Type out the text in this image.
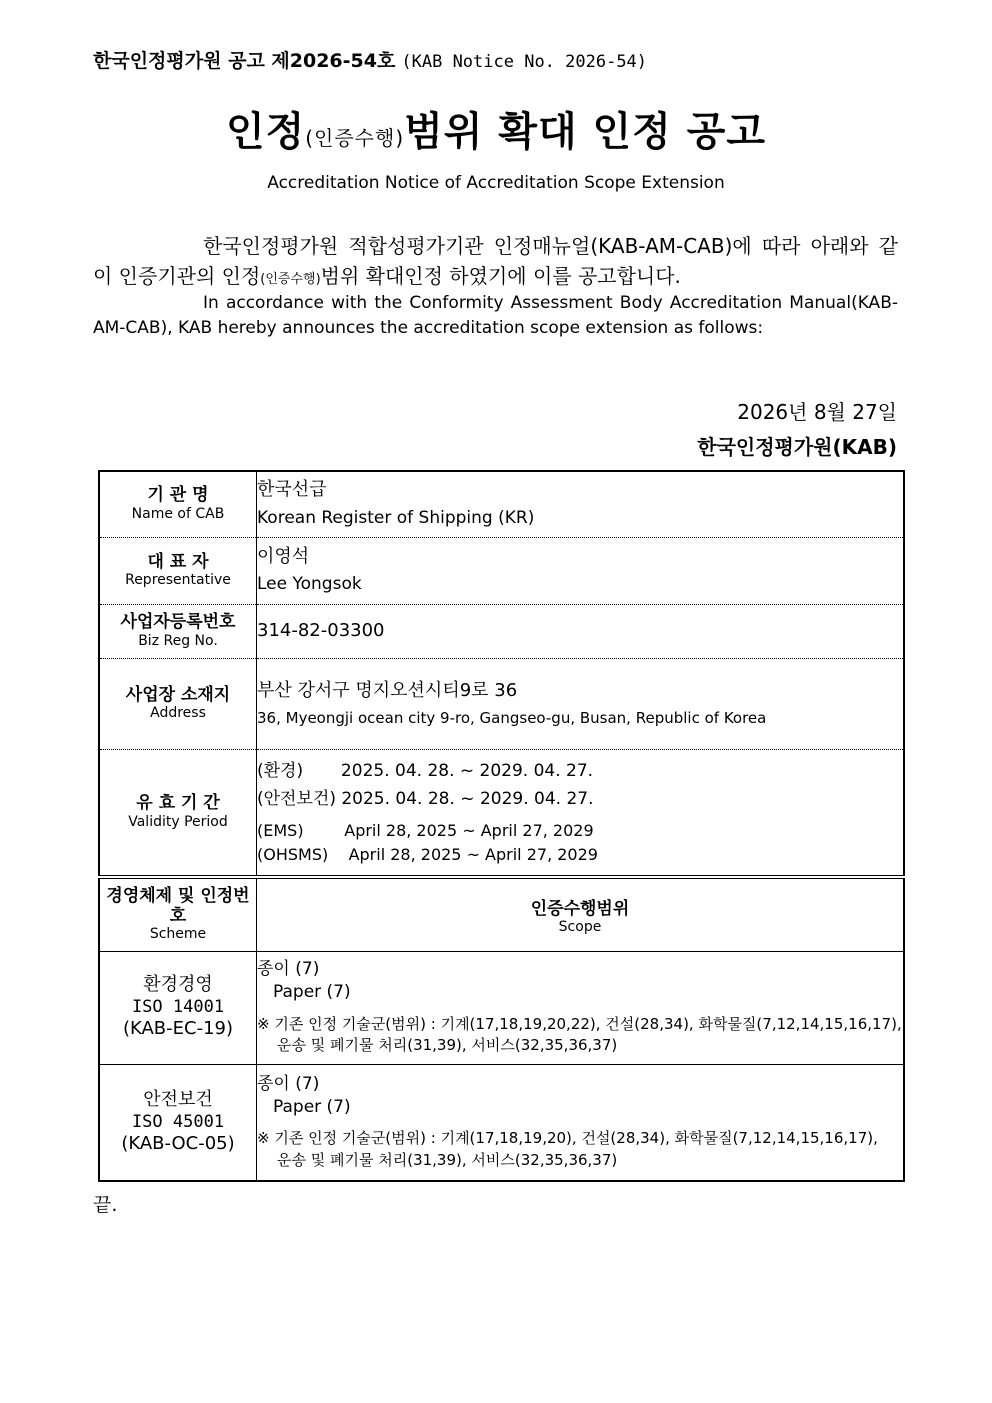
한국인정평가원 공고 제2026-54호 (KAB Notice No. 2026-54)
인정(인증수행)범위 확대 인정 공고
Accreditation Notice of Accreditation Scope Extension
한국인정평가원 적합성평가기관 인정매뉴얼(KAB-AM-CAB)에 따라 아래와 같이 인증기관의 인정(인증수행)범위 확대인정 하였기에 이를 공고합니다.
In accordance with the Conformity Assessment Body Accreditation Manual(KAB-AM-CAB), KAB hereby announces the accreditation scope extension as follows:
2026년 8월 27일
한국인정평가원(KAB)
기 관 명
Name of CAB	한국선급
Korean Register of Shipping (KR)

대 표 자
Representative	이영석
Lee Yongsok

사업자등록번호
Biz Reg No.	314-82-03300

사업장 소재지
Address	부산 강서구 명지오션시티9로 36
36, Myeongji ocean city 9-ro, Gangseo-gu, Busan, Republic of Korea

유 효 기 간
Validity Period	(환경)       2025. 04. 28. ~ 2029. 04. 27.
(안전보건) 2025. 04. 28. ~ 2029. 04. 27.
(EMS)        April 28, 2025 ~ April 27, 2029
(OHSMS)    April 28, 2025 ~ April 27, 2029

경영체제 및 인정번호
Scheme	인증수행범위
Scope

환경경영
ISO 14001
(KAB-EC-19)	종이 (7)
Paper (7)
※ 기존 인정 기술군(범위) : 기계(17,18,19,20,22), 건설(28,34), 화학물질(7,12,14,15,16,17),
운송 및 폐기물 처리(31,39), 서비스(32,35,36,37)

안전보건
ISO 45001
(KAB-OC-05)	종이 (7)
Paper (7)
※ 기존 인정 기술군(범위) : 기계(17,18,19,20), 건설(28,34), 화학물질(7,12,14,15,16,17),
운송 및 폐기물 처리(31,39), 서비스(32,35,36,37)
끝.
